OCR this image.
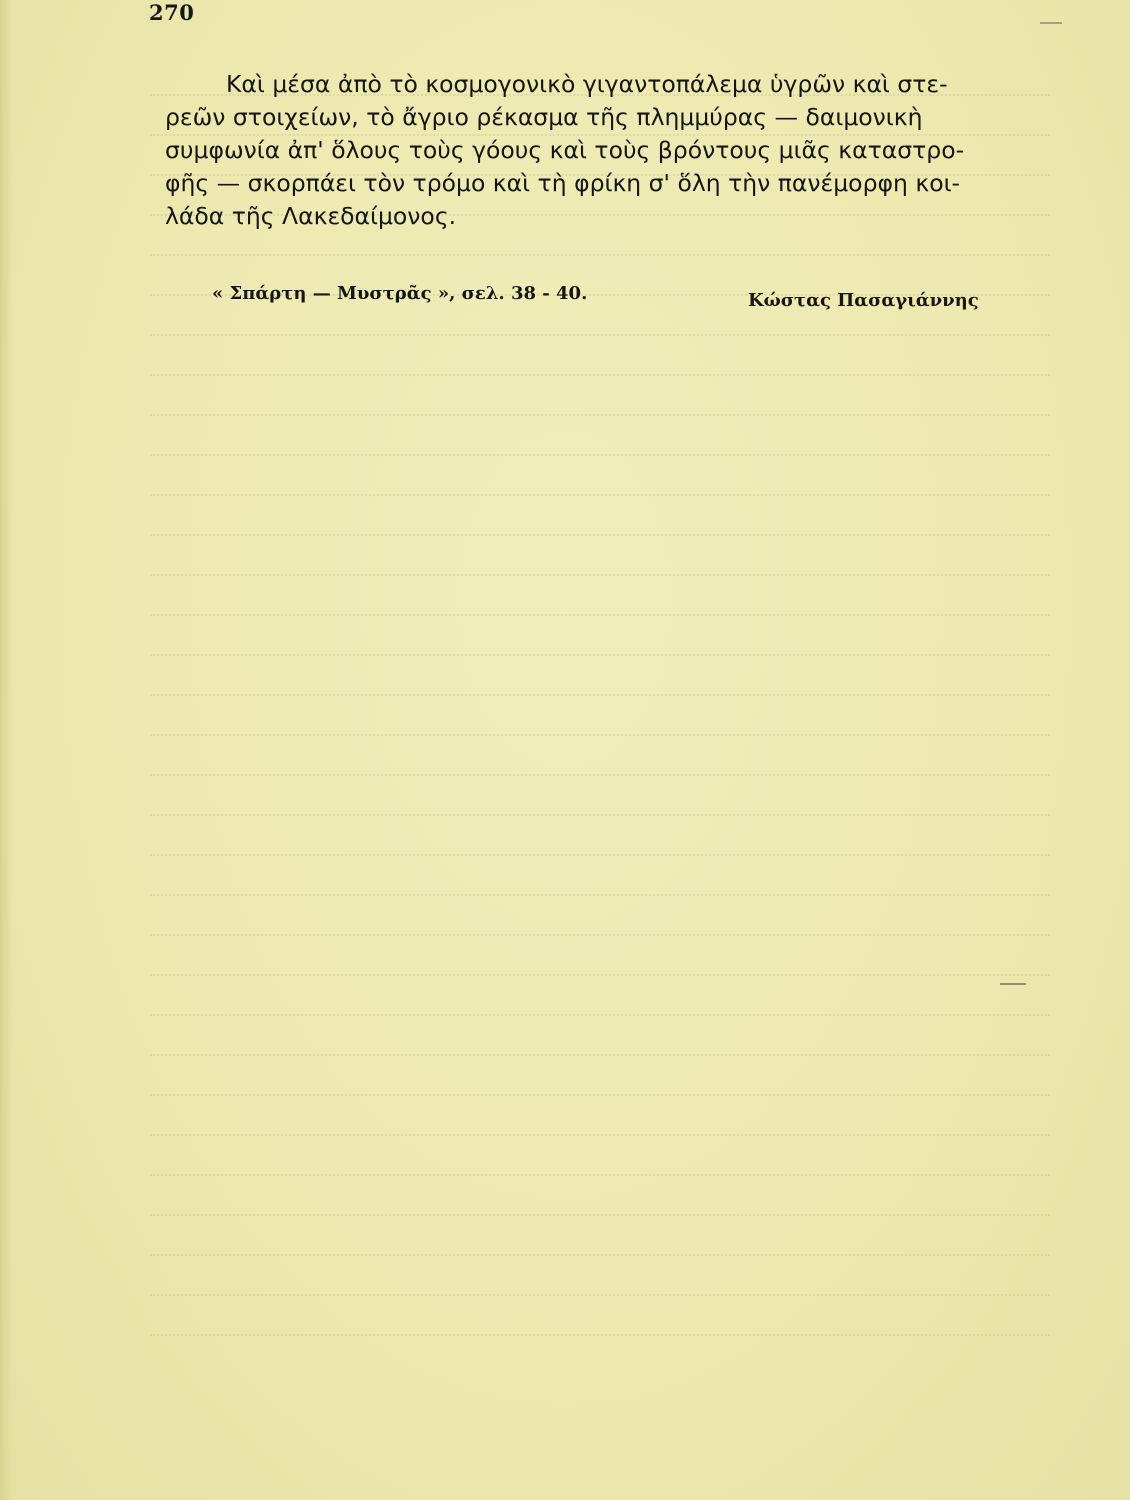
270
Καὶ μέσα ἀπὸ τὸ κοσμογονικὸ γιγαντοπάλεμα ὑγρῶν καὶ στε-
ρεῶν στοιχείων, τὸ ἄγριο ρέκασμα τῆς πλημμύρας — δαιμονικὴ
συμφωνία ἀπ' ὅλους τοὺς γόους καὶ τοὺς βρόντους μιᾶς καταστρο-
φῆς — σκορπάει τὸν τρόμο καὶ τὴ φρίκη σ' ὅλη τὴν πανέμορφη κοι-
λάδα τῆς Λακεδαίμονος.
« Σπάρτη — Μυστρᾶς », σελ. 38 - 40.	Κώστας Πασαγιάννης
